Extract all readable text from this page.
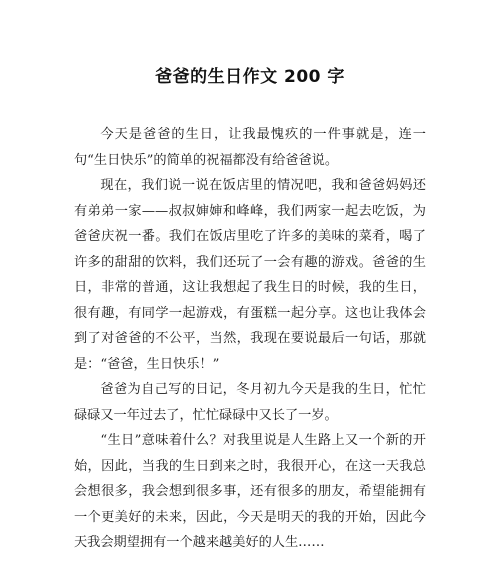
爸爸的生日作文 200 字

今天是爸爸的生日，让我最愧疚的一件事就是，连一句“生日快乐”的简单的祝福都没有给爸爸说。

现在，我们说一说在饭店里的情况吧，我和爸爸妈妈还有弟弟一家——叔叔婶婶和峰峰，我们两家一起去吃饭，为爸爸庆祝一番。我们在饭店里吃了许多的美味的菜肴，喝了许多的甜甜的饮料，我们还玩了一会有趣的游戏。爸爸的生日，非常的普通，这让我想起了我生日的时候，我的生日，很有趣，有同学一起游戏，有蛋糕一起分享。这也让我体会到了对爸爸的不公平，当然，我现在要说最后一句话，那就是：“爸爸，生日快乐！”

爸爸为自己写的日记，冬月初九今天是我的生日，忙忙碌碌又一年过去了，忙忙碌碌中又长了一岁。

“生日”意味着什么？对我里说是人生路上又一个新的开始，因此，当我的生日到来之时，我很开心，在这一天我总会想很多，我会想到很多事，还有很多的朋友，希望能拥有一个更美好的未来，因此，今天是明天的我的开始，因此今天我会期望拥有一个越来越美好的人生……
